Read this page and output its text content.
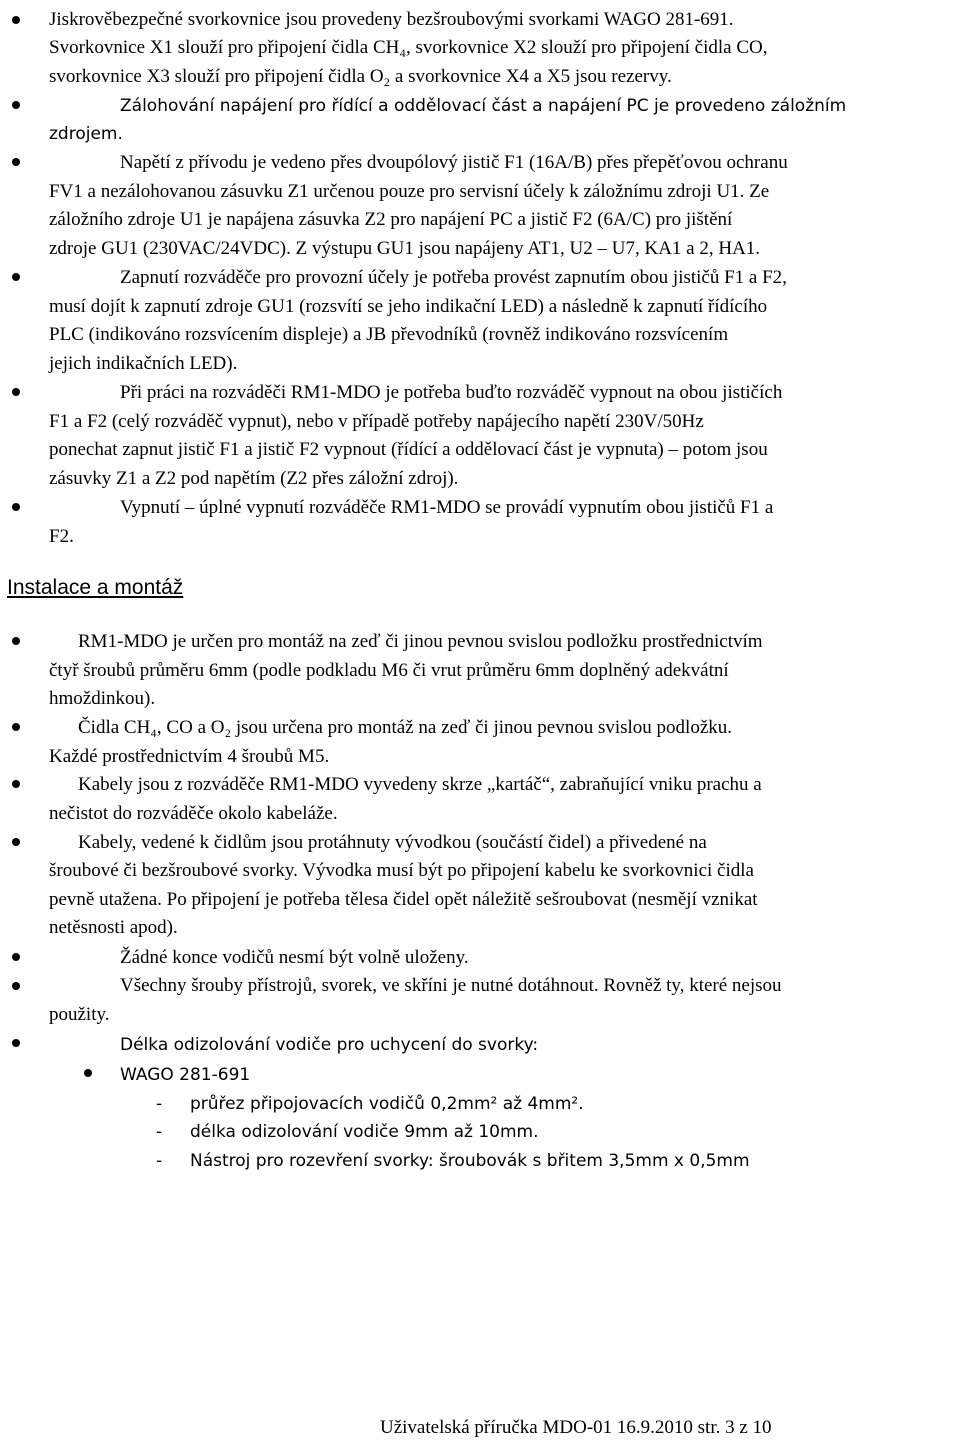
Jiskrověbezpečné svorkovnice jsou provedeny bezšroubovými svorkami WAGO 281-691.
Svorkovnice X1 slouží pro připojení čidla CH₄, svorkovnice X2 slouží pro připojení čidla CO,
svorkovnice X3 slouží pro připojení čidla O₂ a svorkovnice X4 a X5 jsou rezervy.
Zálohování napájení pro řídící a oddělovací část a napájení PC je provedeno záložním
zdrojem.
Napětí z přívodu je vedeno přes dvoupólový jistič F1 (16A/B) přes přepěťovou ochranu
FV1 a nezálohovanou zásuvku Z1 určenou pouze pro servisní účely k záložnímu zdroji U1. Ze
záložního zdroje U1 je napájena zásuvka Z2 pro napájení PC a jistič F2 (6A/C) pro jištění
zdroje GU1 (230VAC/24VDC). Z výstupu GU1 jsou napájeny AT1, U2 – U7, KA1 a 2, HA1.
Zapnutí rozváděče pro provozní účely je potřeba provést zapnutím obou jističů F1 a F2,
musí dojít k zapnutí zdroje GU1 (rozsvítí se jeho indikační LED) a následně k zapnutí řídícího
PLC (indikováno rozsvícením displeje) a JB převodníků (rovněž indikováno rozsvícením
jejich indikačních LED).
Při práci na rozváděči RM1-MDO je potřeba buďto rozváděč vypnout na obou jističích
F1 a F2 (celý rozváděč vypnut), nebo v případě potřeby napájecího napětí 230V/50Hz
ponechat zapnut jistič F1 a jistič F2 vypnout (řídící a oddělovací část je vypnuta) – potom jsou
zásuvky Z1 a Z2 pod napětím (Z2 přes záložní zdroj).
Vypnutí – úplné vypnutí rozváděče RM1-MDO se provádí vypnutím obou jističů F1 a
F2.
Instalace a montáž
RM1-MDO je určen pro montáž na zeď či jinou pevnou svislou podložku prostřednictvím
čtyř šroubů průměru 6mm (podle podkladu M6 či vrut průměru 6mm doplněný adekvátní
hmoždinkou).
Čidla CH₄, CO a O₂ jsou určena pro montáž na zeď či jinou pevnou svislou podložku.
Každé prostřednictvím 4 šroubů M5.
Kabely jsou z rozváděče RM1-MDO vyvedeny skrze „kartáč“, zabraňující vniku prachu a
nečistot do rozváděče okolo kabeláže.
Kabely, vedené k čidlům jsou protáhnuty vývodkou (součástí čidel) a přivedené na
šroubové či bezšroubové svorky. Vývodka musí být po připojení kabelu ke svorkovnici čidla
pevně utažena. Po připojení je potřeba tělesa čidel opět náležitě sešroubovat (nesmějí vznikat
netěsnosti apod).
Žádné konce vodičů nesmí být volně uloženy.
Všechny šrouby přístrojů, svorek, ve skříni je nutné dotáhnout. Rovněž ty, které nejsou
použity.
Délka odizolování vodiče pro uchycení do svorky:
WAGO 281-691
- průřez připojovacích vodičů 0,2mm² až 4mm².
- délka odizolování vodiče 9mm až 10mm.
- Nástroj pro rozevření svorky: šroubovák s břitem 3,5mm x 0,5mm
Uživatelská příručka MDO-01 16.9.2010 str. 3 z 10
